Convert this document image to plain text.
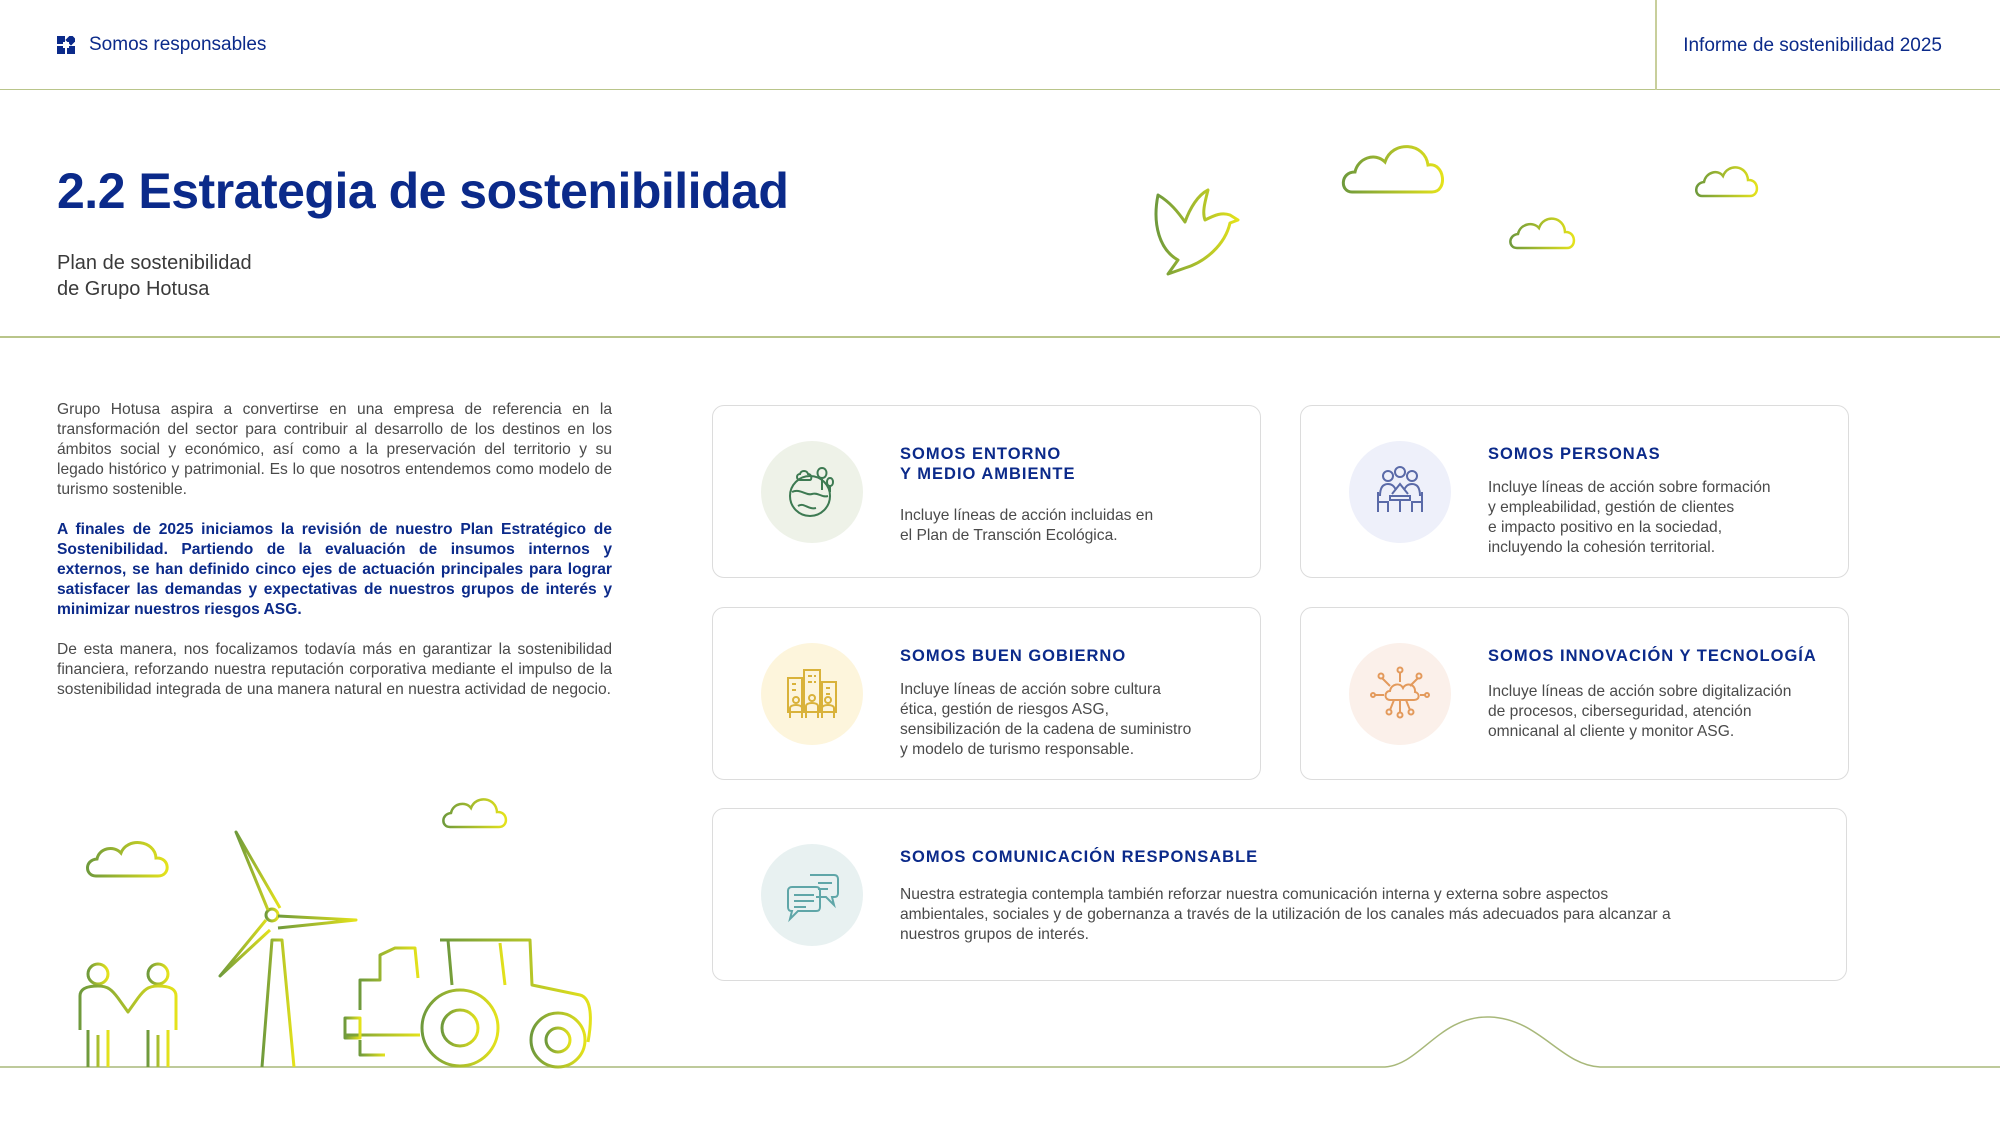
Somos responsables	Informe de sostenibilidad 2025
2.2 Estrategia de sostenibilidad
Plan de sostenibilidad
de Grupo Hotusa

Grupo Hotusa aspira a convertirse en una empresa de referencia en la transformación del sector para contribuir al desarrollo de los destinos en los ámbitos social y económico, así como a la preservación del territorio y su legado histórico y patrimonial. Es lo que nosotros entendemos como modelo de turismo sostenible.

A finales de 2025 iniciamos la revisión de nuestro Plan Estratégico de Sostenibilidad. Partiendo de la evaluación de insumos internos y externos, se han definido cinco ejes de actuación principales para lograr satisfacer las demandas y expectativas de nuestros grupos de interés y minimizar nuestros riesgos ASG.

De esta manera, nos focalizamos todavía más en garantizar la sostenibilidad financiera, reforzando nuestra reputación corporativa mediante el impulso de la sostenibilidad integrada de una manera natural en nuestra actividad de negocio.

SOMOS ENTORNO
Y MEDIO AMBIENTE
Incluye líneas de acción incluidas en
el Plan de Transción Ecológica.
SOMOS PERSONAS
Incluye líneas de acción sobre formación
y empleabilidad, gestión de clientes
e impacto positivo en la sociedad,
incluyendo la cohesión territorial.
SOMOS BUEN GOBIERNO
Incluye líneas de acción sobre cultura
ética, gestión de riesgos ASG,
sensibilización de la cadena de suministro
y modelo de turismo responsable.
SOMOS INNOVACIÓN Y TECNOLOGÍA
Incluye líneas de acción sobre digitalización
de procesos, ciberseguridad, atención
omnicanal al cliente y monitor ASG.
SOMOS COMUNICACIÓN RESPONSABLE
Nuestra estrategia contempla también reforzar nuestra comunicación interna y externa sobre aspectos
ambientales, sociales y de gobernanza a través de la utilización de los canales más adecuados para alcanzar a
nuestros grupos de interés.
